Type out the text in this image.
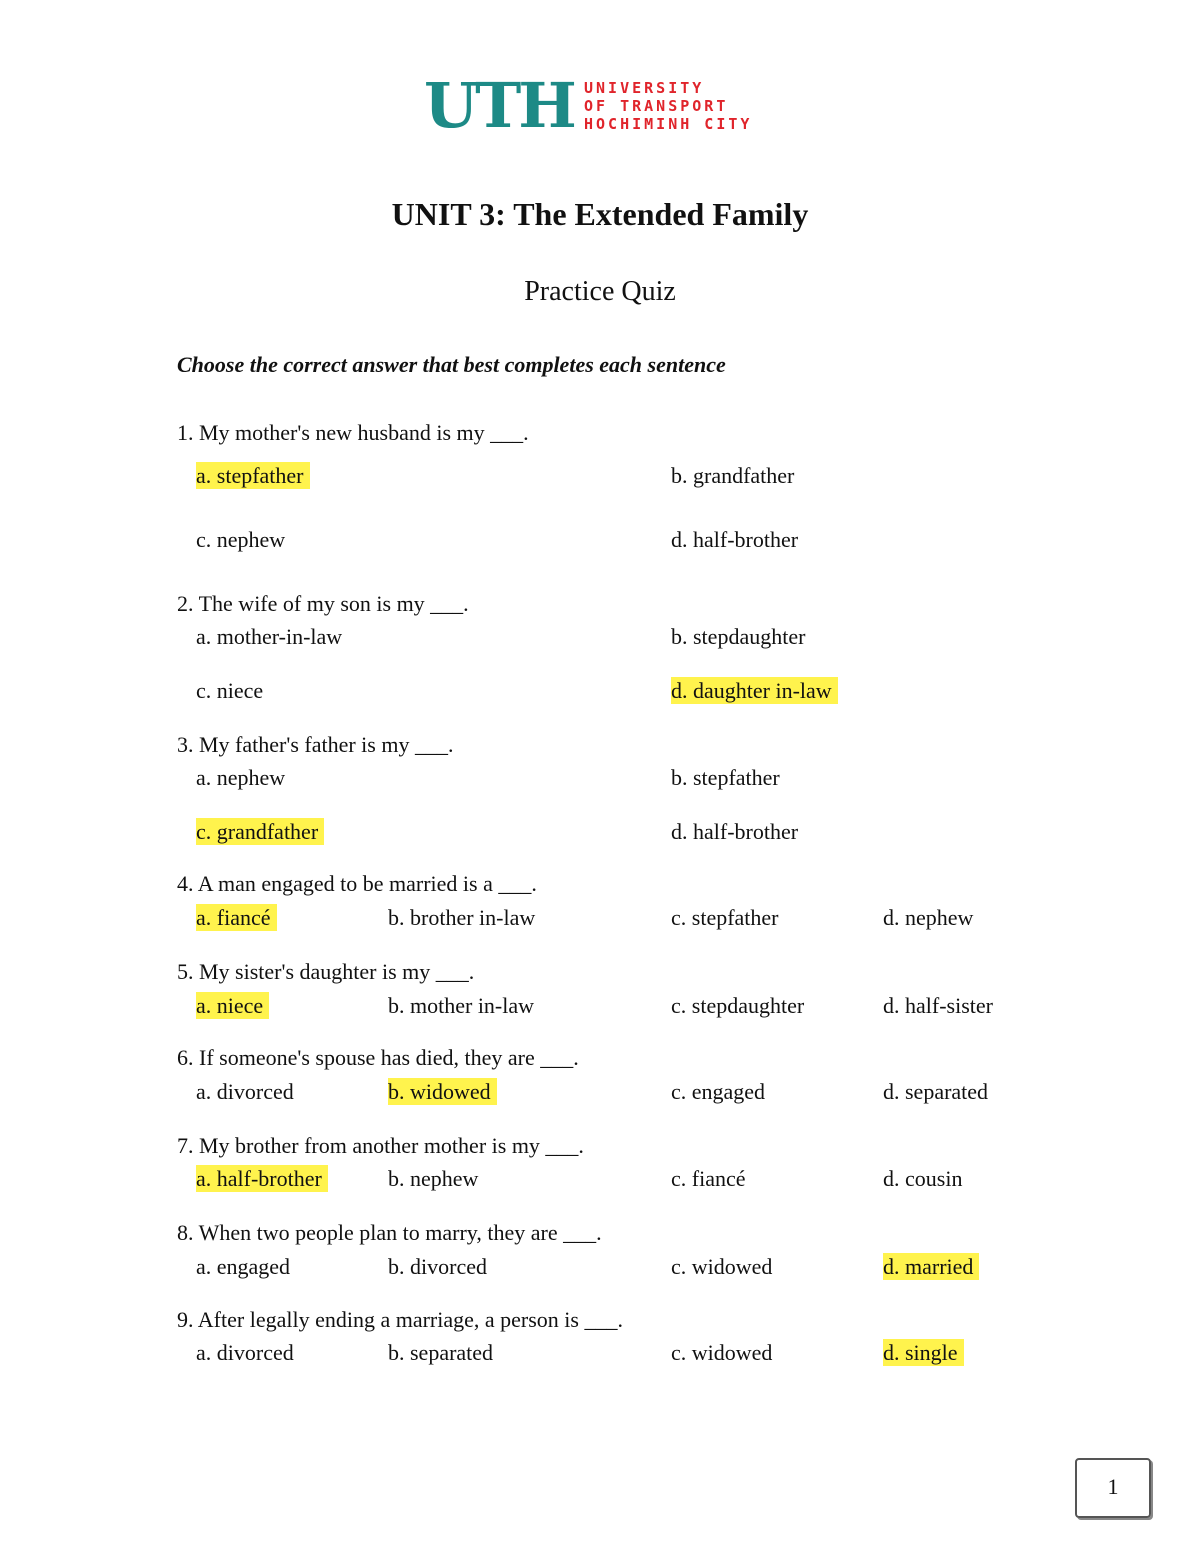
UTH UNIVERSITY
OF TRANSPORT
HOCHIMINH CITY
UNIT 3: The Extended Family
Practice Quiz
Choose the correct answer that best completes each sentence
1. My mother's new husband is my ___.
a. stepfather	b. grandfather
c. nephew	d. half-brother
2. The wife of my son is my ___.
a. mother-in-law	b. stepdaughter
c. niece	d. daughter in-law
3. My father's father is my ___.
a. nephew	b. stepfather
c. grandfather	d. half-brother
4. A man engaged to be married is a ___.
a. fiancé	b. brother in-law	c. stepfather	d. nephew
5. My sister's daughter is my ___.
a. niece	b. mother in-law	c. stepdaughter	d. half-sister
6. If someone's spouse has died, they are ___.
a. divorced	b. widowed	c. engaged	d. separated
7. My brother from another mother is my ___.
a. half-brother	b. nephew	c. fiancé	d. cousin
8. When two people plan to marry, they are ___.
a. engaged	b. divorced	c. widowed	d. married
9. After legally ending a marriage, a person is ___.
a. divorced	b. separated	c. widowed	d. single
1
